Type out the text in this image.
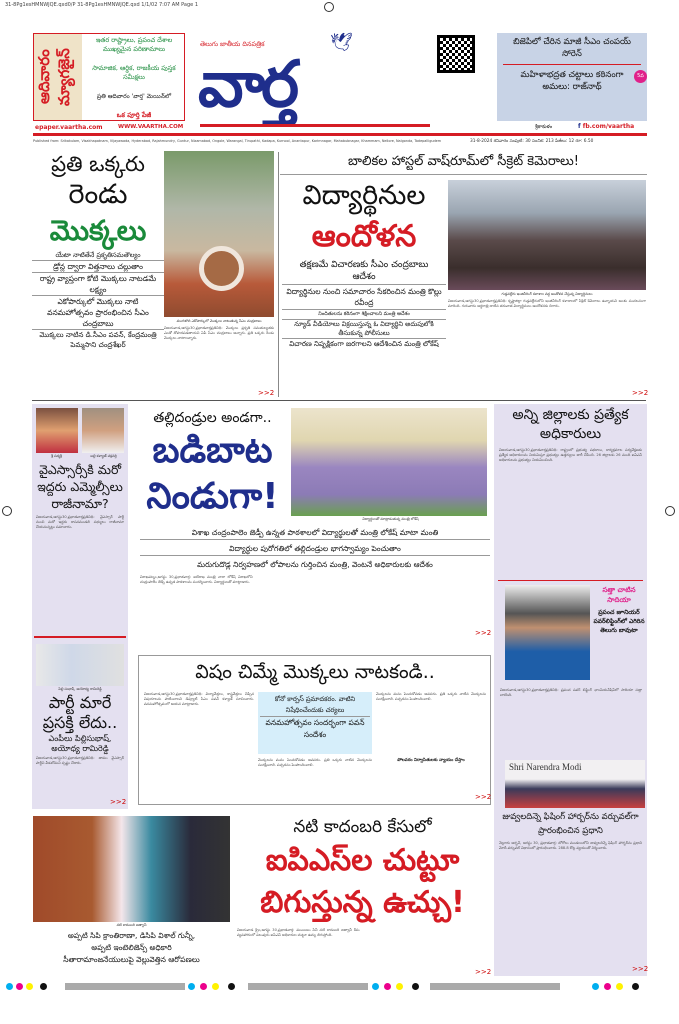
31-8Pg1esHMNWJQE.qxd0/P 31-8Pg1esHMNWJQE.qxd 1/1/02 7:07 AM Page 1
ఆదివారం మ్యాగజైన్
ఇతర రాష్ట్రాలు, ప్రపంచ దేశాల ముఖ్యమైన పరిణామాలు
సామాజిక, ఆర్థిక, రాజకీయ పుస్తక సమీక్షలు
ప్రతి ఆదివారం 'వార్త' మెయిన్‌లో
ఒక పూర్తి పేజీ
epaper.vaartha.com	WWW.VAARTHA.COM
తెలుగు జాతీయ దినపత్రిక	🕊
వార్త
బిజెపిలో చేరిన మాజీ సీఎం చంపయ్ సోరెన్
5వ
మహిళాభద్రత చట్టాలు కఠినంగా అమలు: రాజ్‌నాథ్
శ్రీకాకుళం	f fb.com/vaartha
Published from: Srikakulam, Visakhapatnam, Vijayawada, Hyderabad, Rajahmundry, Guntur, Nizamabad, Ongole, Warangal, Tirupathi, Kadapa, Kurnool, Anantapur, Karimnagar, Mahabubnagar, Khammam, Nellore, Nalgonda, Tadepalligudem	31-8-2024 శనివారం సంపుటి: 30 సంచిక: 213 పేజీలు: 12 రూ: 6.50
ప్రతి ఒక్కరు
రెండు
మొక్కలు
యేటా నాటితేనే ప్రకృతిసమతౌల్యం
డ్రోన్ల ద్వారా విత్తనాలు చల్లుతాం
రాష్ట్ర వ్యాప్తంగా కోటి మొక్కలు నాటడమే లక్ష్యం
ఎకోపార్కులో మొక్కలు నాటి వనమహోత్సవం ప్రారంభించిన సీఎం చంద్రబాబు
మొక్కలు నాటిన డి.సీఎం పవన్, కేంద్రమంత్రి పెమ్మసాని చంద్రశేఖర్
మంగళగిరి ఎకోపార్కులో మొక్కలు నాటుతున్న సీఎం చంద్రబాబు
విజయవాడ,ఆగస్టు30,ప్రభాతవార్తప్రతినిధి: మొక్కలు ప్రకృతి సమతుల్యతకు ఎంతో దోహదపడతాయని ఏపీ సీఎం చంద్రబాబు అన్నారు. ప్రతి ఒక్కరు రెండు మొక్కలు నాటాలన్నారు.
>>2
బాలికల హాస్టల్ వాష్‌రూమ్‌లో సీక్రెట్ కెమెరాలు!
విద్యార్థినుల
ఆందోళన
తక్షణమే విచారణకు సీఎం చంద్రబాబు ఆదేశం
విద్యార్థినుల నుంచి సమాచారం సేకరించిన మంత్రి కొల్లు రవీంద్ర
నిందితులను కఠినంగా శిక్షించాలని మంత్రి ఆదేశం
న్యూడ్ వీడియోలు విక్రయిస్తున్న ఓ విద్యార్థిని అదుపులోకి తీసుకున్న పోలీసులు
విచారణ నిష్పక్షికంగా జరగాలని ఆదేశించిన మంత్రి లోకేష్
గుడ్లవల్లేరు ఇంజినీరింగ్ కళాశాల వద్ద ఆందోళన చేస్తున్న విద్యార్థినులు
విజయవాడ,ఆగస్టు30,ప్రభాతవార్తప్రతినిధి: కృష్ణాజిల్లా గుడ్లవల్లేరులోని ఇంజినీరింగ్ కళాశాలలో సీక్రెట్ కెమెరాలు ఉన్నాయని అంశం సంచలనంగా మారింది. గురువారం అర్థరాత్రి దాటిన తరువాత విద్యార్థినులు ఆందోళనకు దిగారు.
>>2
శ్రీ పద్మశ్రీ	బల్లి కళ్యాణ్ చక్రవర్తి
వైఎస్సార్సీకి మరో ఇద్దరు ఎమ్మెల్సీలు రాజీనామా?
విజయవాడ,ఆగస్టు30,ప్రభాతవార్తప్రతినిధి: వైఎస్సార్ పార్టీ నుంచి మరో ఇద్దరు శాసనమండలి సభ్యులు రాజీనామా చేయనున్నట్లు సమాచారం.
పిల్లి సుభాష్, అయోధ్య రామిరెడ్డి
పార్టీ మారే ప్రసక్తి లేదు..
ఎంపీలు పిల్లిసుభాష్, అయోధ్య రామిరెడ్డి
విజయవాడ,ఆగస్టు30,ప్రభాతవార్తప్రతినిధి: తాము వైఎస్సార్ పార్టీని వీడబోమని స్పష్టం చేశారు.
>>2
తల్లిదండ్రుల అండగా..
బడిబాట
నిండుగా!
విద్యార్థులతో మాట్లాడుతున్న మంత్రి లోకేష్
విశాఖ చంద్రంపాలెం జెడ్పీ ఉన్నత పాఠశాలలో విద్యార్థులతో మంత్రి లోకేష్ మాటా మంతి
విద్యార్థుల పురోగతిలో తల్లిదండ్రుల భాగస్వామ్యం పెంచుతాం
మరుగుదొడ్ల నిర్వహణలో లోపాలను గుర్తించిన మంత్రి, వెంటనే అధికారులకు ఆదేశం
విశాఖపట్నం,ఆగస్టు 30,ప్రభాతవార్త: ఐటీశాఖ మంత్రి నారా లోకేష్ విశాఖలోని చంద్రంపాలెం జెడ్పీ ఉన్నత పాఠశాలను సందర్శించారు. విద్యార్థులతో మాట్లాడారు.
>>2
విషం చిమ్మే మొక్కలు నాటకండి..
విజయవాడ,ఆగస్టు30,ప్రభాతవార్తప్రతినిధి: విద్యావేత్తలు, శాస్త్రవేత్తలు చెప్పిన విషయాలను పాటించాలని డిప్యూటీ సీఎం పవన్ కళ్యాణ్ సూచించారు. వనమహోత్సవంలో ఆయన మాట్లాడారు.
కోనో కార్పస్ ప్రమాదకరం. వాటిని నిషేధించేందుకు చర్యలు
వనమహోత్సవం సందర్భంగా పవన్ సందేశం
మొక్కలను మనం పెంచుకోవడం అవసరం. ప్రతి ఒక్కరు నాటిన మొక్కలను సంరక్షించాలి. పచ్చదనం పెంపొందించాలి.
మొక్కలను మనం పెంచుకోవడం అవసరం. ప్రతి ఒక్కరు నాటిన మొక్కలను సంరక్షించాలి. పచ్చదనం పెంపొందించాలి.
పోలవరం నిర్వాసితులకు న్యాయం చేస్తాం
>>2
అన్ని జిల్లాలకు ప్రత్యేక అధికారులు
విజయవాడ,ఆగస్టు30,ప్రభాతవార్తప్రతినిధి: రాష్ట్రంలో ప్రభుత్వ పథకాలు, కార్యక్రమాల పర్యవేక్షణకు ప్రత్యేక అధికారులను నియమిస్తూ ప్రభుత్వం ఉత్తర్వులు జారీ చేసింది. 26 జిల్లాలకు 26 మంది ఐఏఎస్ అధికారులను ప్రభుత్వం నియమించింది.
సత్తా చాటిన సాదియా
ప్రపంచ జూనియర్ పవర్‌లిఫ్టింగ్‌లో ఎగిరిన తెలుగు బావుటా
విజయవాడ,ఆగస్టు30,ప్రభాతవార్తప్రతినిధి: ప్రపంచ పవర్ లిఫ్టింగ్ ఛాంపియన్‌షిప్‌లో సాదియా సత్తా చాటింది.
Shri Narendra Modi
జువ్వలదిన్నె ఫిషింగ్ హార్బర్‌ను వర్చువల్‌గా ప్రారంభించిన ప్రధాని
నెల్లూరు అర్బన్, ఆగస్టు 30, ప్రభాతవార్త: బోగోలు మండలంలోని జువ్వలదిన్నె ఫిషింగ్ హార్బర్‌ను ప్రధాని మోదీ వర్చువల్ విధానంలో ప్రారంభించారు. 288.8 కోట్ల వ్యయంతో నిర్మించారు.
>>2
నటి కాదంబరి జత్వానీ
అప్పటి సిపి క్రాంతిరాణా, డిసిపి విశాల్ గున్నీ,
అప్పటి ఇంటెలిజెన్స్ అధికారి
సీతారామాంజనేయులుపై వెల్లువెత్తిన ఆరోపణలు
నటి కాదంబరి కేసులో
ఐపిఎస్‌ల చుట్టూ
బిగుస్తున్న ఉచ్చు!
విజయవాడ క్రైం,ఆగస్టు 30,ప్రభాతవార్త: ముంబయి సినీ నటి కాదంబరి జత్వానీ కేసు వ్యవహారంలో పలువురు ఐపీఎస్ అధికారుల చుట్టూ ఉచ్చు బిగుస్తోంది.
>>2
